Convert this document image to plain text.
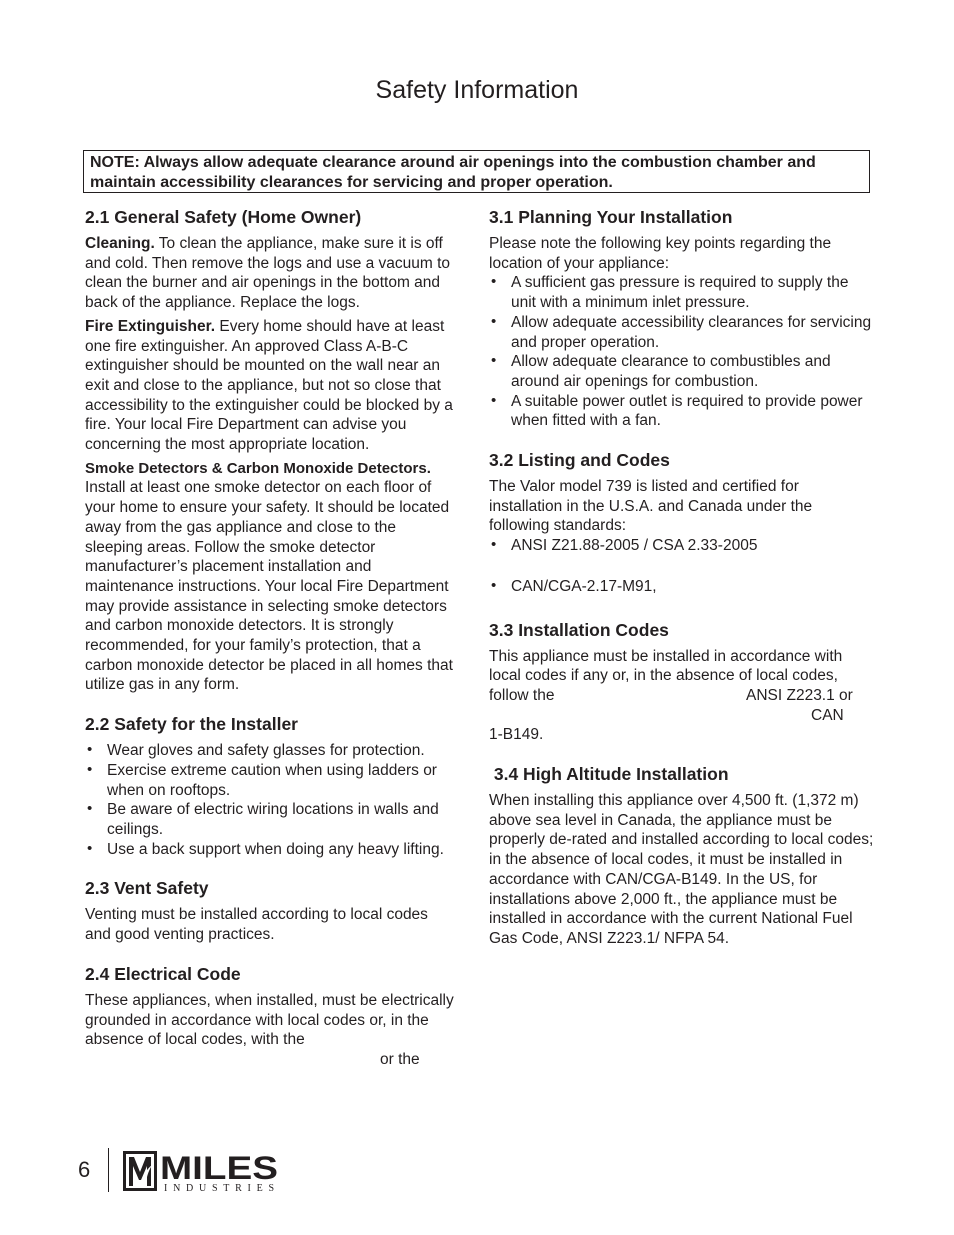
Safety Information
NOTE: Always allow adequate clearance around air openings into the combustion chamber and maintain accessibility clearances for servicing and proper operation.
2.1 General Safety (Home Owner)

Cleaning. To clean the appliance, make sure it is off and cold. Then remove the logs and use a vacuum to clean the burner and air openings in the bottom and back of the appliance. Replace the logs.

Fire Extinguisher. Every home should have at least one fire extinguisher. An approved Class A-B-C extinguisher should be mounted on the wall near an exit and close to the appliance, but not so close that accessibility to the extinguisher could be blocked by a fire. Your local Fire Department can advise you concerning the most appropriate location.

Smoke Detectors & Carbon Monoxide Detectors. Install at least one smoke detector on each floor of your home to ensure your safety. It should be located away from the gas appliance and close to the sleeping areas. Follow the smoke detector manufacturer’s placement installation and maintenance instructions. Your local Fire Department may provide assistance in selecting smoke detectors and carbon monoxide detectors. It is strongly recommended, for your family’s protection, that a carbon monoxide detector be placed in all homes that utilize gas in any form.

2.2 Safety for the Installer
• Wear gloves and safety glasses for protection.
• Exercise extreme caution when using ladders or when on rooftops.
• Be aware of electric wiring locations in walls and ceilings.
• Use a back support when doing any heavy lifting.
2.3 Vent Safety

Venting must be installed according to local codes and good venting practices.

2.4 Electrical Code

These appliances, when installed, must be electrically grounded in accordance with local codes or, in the absence of local codes, with the

or the

3.1 Planning Your Installation

Please note the following key points regarding the location of your appliance:

• A sufficient gas pressure is required to supply the unit with a minimum inlet pressure.
• Allow adequate accessibility clearances for servicing and proper operation.
• Allow adequate clearance to combustibles and around air openings for combustion.
• A suitable power outlet is required to provide power when fitted with a fan.
3.2 Listing and Codes

The Valor model 739 is listed and certified for installation in the U.S.A. and Canada under the following standards:

• ANSI Z21.88-2005 / CSA 2.33-2005
• CAN/CGA-2.17-M91,
3.3 Installation Codes

This appliance must be installed in accordance with local codes if any or, in the absence of local codes,

follow the	ANSI Z223.1 or
CAN

1-B149.

3.4 High Altitude Installation

When installing this appliance over 4,500 ft. (1,372 m) above sea level in Canada, the appliance must be properly de-rated and installed according to local codes; in the absence of local codes, it must be installed in accordance with CAN/CGA-B149. In the US, for installations above 2,000 ft., the appliance must be installed in accordance with the current National Fuel Gas Code, ANSI Z223.1/ NFPA 54.

6 MILES
INDUSTRIES
